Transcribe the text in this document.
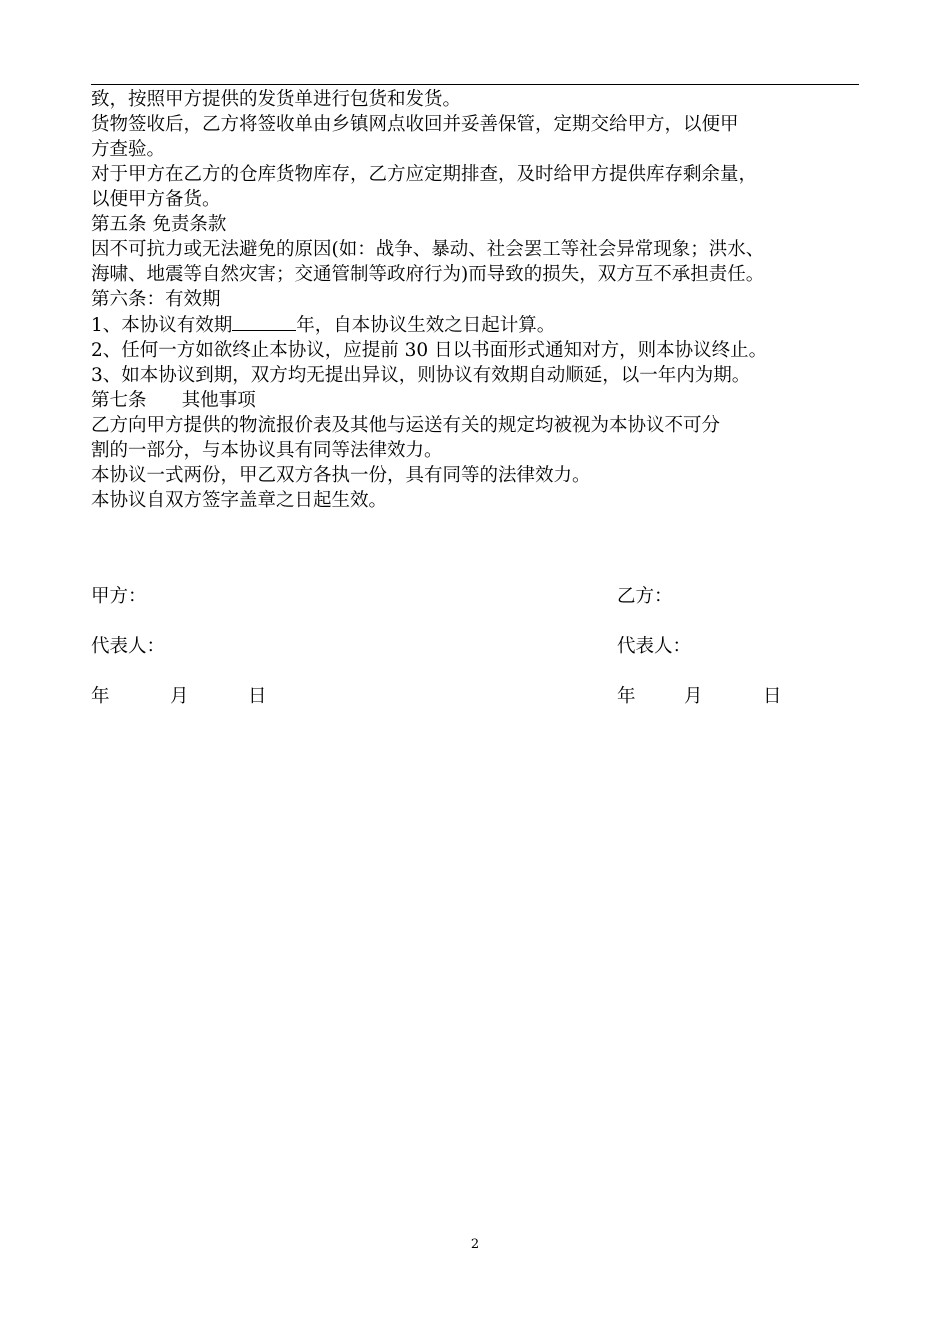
致，按照甲方提供的发货单进行包货和发货。

货物签收后，乙方将签收单由乡镇网点收回并妥善保管，定期交给甲方，以便甲

方查验。

对于甲方在乙方的仓库货物库存，乙方应定期排查，及时给甲方提供库存剩余量，

以便甲方备货。

第五条 免责条款

因不可抗力或无法避免的原因(如：战争、暴动、社会罢工等社会异常现象；洪水、

海啸、地震等自然灾害；交通管制等政府行为)而导致的损失，双方互不承担责任。

第六条：有效期

1、本协议有效期	年，自本协议生效之日起计算。

2、任何一方如欲终止本协议，应提前 30 日以书面形式通知对方，则本协议终止。

3、如本协议到期，双方均无提出异议，则协议有效期自动顺延，以一年内为期。

第七条      其他事项

乙方向甲方提供的物流报价表及其他与运送有关的规定均被视为本协议不可分

割的一部分，与本协议具有同等法律效力。

本协议一式两份，甲乙双方各执一份，具有同等的法律效力。

本协议自双方签字盖章之日起生效。

甲方：	乙方：
代表人：	代表人：
年	月	日	年	月	日
2
